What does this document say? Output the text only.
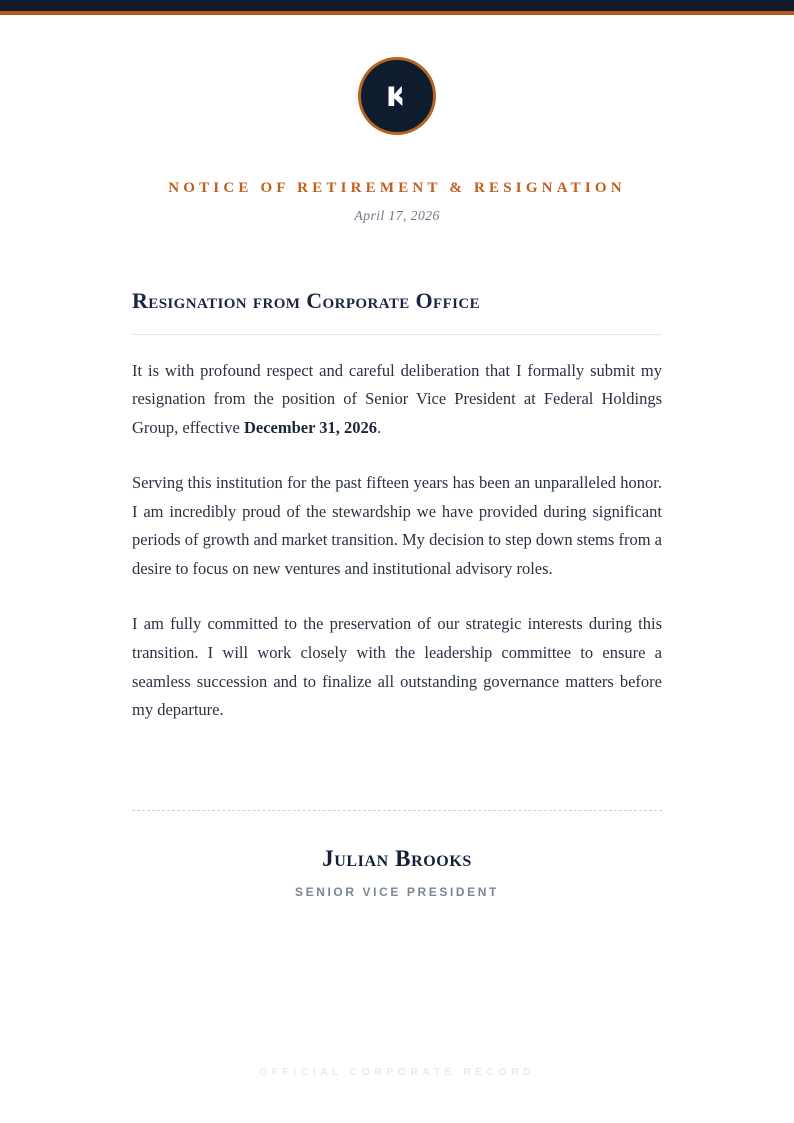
NOTICE OF RETIREMENT & RESIGNATION
April 17, 2026
Resignation from Corporate Office

It is with profound respect and careful deliberation that I formally submit my resignation from the position of Senior Vice President at Federal Holdings Group, effective December 31, 2026.

Serving this institution for the past fifteen years has been an unparalleled honor. I am incredibly proud of the stewardship we have provided during significant periods of growth and market transition. My decision to step down stems from a desire to focus on new ventures and institutional advisory roles.

I am fully committed to the preservation of our strategic interests during this transition. I will work closely with the leadership committee to ensure a seamless succession and to finalize all outstanding governance matters before my departure.

Julian Brooks
SENIOR VICE PRESIDENT
OFFICIAL CORPORATE RECORD
